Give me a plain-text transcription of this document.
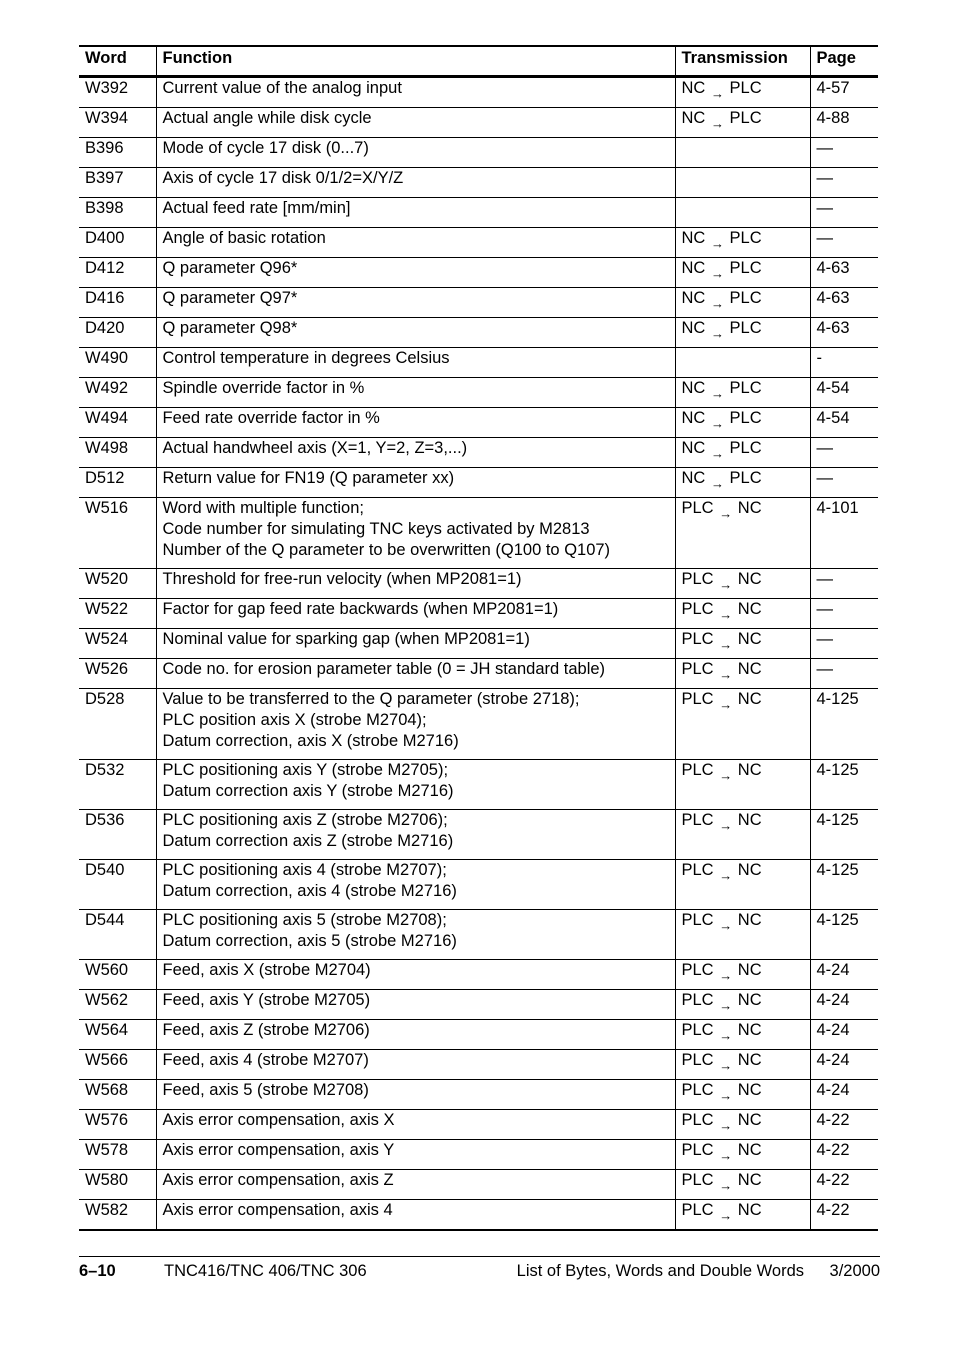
Word	Function	Transmission	Page
W392	Current value of the analog input	NC → PLC	4-57
W394	Actual angle while disk cycle	NC → PLC	4-88
B396	Mode of cycle 17 disk (0...7)		—
B397	Axis of cycle 17 disk 0/1/2=X/Y/Z		—
B398	Actual feed rate [mm/min]		—
D400	Angle of basic rotation	NC → PLC	—
D412	Q parameter Q96*	NC → PLC	4-63
D416	Q parameter Q97*	NC → PLC	4-63
D420	Q parameter Q98*	NC → PLC	4-63
W490	Control temperature in degrees Celsius		-
W492	Spindle override factor in %	NC → PLC	4-54
W494	Feed rate override factor in %	NC → PLC	4-54
W498	Actual handwheel axis (X=1, Y=2, Z=3,...)	NC → PLC	—
D512	Return value for FN19 (Q parameter xx)	NC → PLC	—
W516	Word with multiple function;
Code number for simulating TNC keys activated by M2813
Number of the Q parameter to be overwritten (Q100 to Q107)	PLC → NC	4-101
W520	Threshold for free-run velocity (when MP2081=1)	PLC → NC	—
W522	Factor for gap feed rate backwards (when MP2081=1)	PLC → NC	—
W524	Nominal value for sparking gap (when MP2081=1)	PLC → NC	—
W526	Code no. for erosion parameter table (0 = JH standard table)	PLC → NC	—
D528	Value to be transferred to the Q parameter (strobe 2718);
PLC position axis X (strobe M2704);
Datum correction, axis X (strobe M2716)	PLC → NC	4-125
D532	PLC positioning axis Y (strobe M2705);
Datum correction axis Y (strobe M2716)	PLC → NC	4-125
D536	PLC positioning axis Z (strobe M2706);
Datum correction axis Z (strobe M2716)	PLC → NC	4-125
D540	PLC positioning axis 4 (strobe M2707);
Datum correction, axis 4 (strobe M2716)	PLC → NC	4-125
D544	PLC positioning axis 5 (strobe M2708);
Datum correction, axis 5 (strobe M2716)	PLC → NC	4-125
W560	Feed, axis X (strobe M2704)	PLC → NC	4-24
W562	Feed, axis Y (strobe M2705)	PLC → NC	4-24
W564	Feed, axis Z (strobe M2706)	PLC → NC	4-24
W566	Feed, axis 4 (strobe M2707)	PLC → NC	4-24
W568	Feed, axis 5 (strobe M2708)	PLC → NC	4-24
W576	Axis error compensation, axis X	PLC → NC	4-22
W578	Axis error compensation, axis Y	PLC → NC	4-22
W580	Axis error compensation, axis Z	PLC → NC	4-22
W582	Axis error compensation, axis 4	PLC → NC	4-22
6–10	TNC416/TNC 406/TNC 306	List of Bytes, Words and Double Words 3/2000
